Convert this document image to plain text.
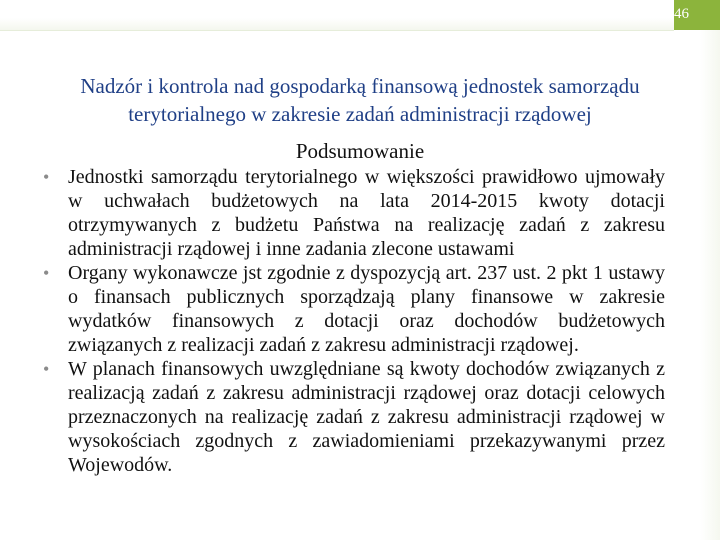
46
Nadzór i kontrola nad gospodarką finansową jednostek samorządu
terytorialnego w zakresie zadań administracji rządowej
Podsumowanie
• Jednostki samorządu terytorialnego w większości prawidłowo ujmowały w uchwałach budżetowych na lata 2014-2015 kwoty dotacji otrzymywanych z budżetu Państwa na realizację zadań z zakresu administracji rządowej i inne zadania zlecone ustawami
• Organy wykonawcze jst zgodnie z dyspozycją art. 237 ust. 2 pkt 1 ustawy o finansach publicznych sporządzają plany finansowe w zakresie wydatków finansowych z dotacji oraz dochodów budżetowych związanych z realizacji zadań z zakresu administracji rządowej.
• W planach finansowych uwzględniane są kwoty dochodów związanych z realizacją zadań z zakresu administracji rządowej oraz dotacji celowych przeznaczonych na realizację zadań z zakresu administracji rządowej w wysokościach zgodnych z zawiadomieniami przekazywanymi przez Wojewodów.
